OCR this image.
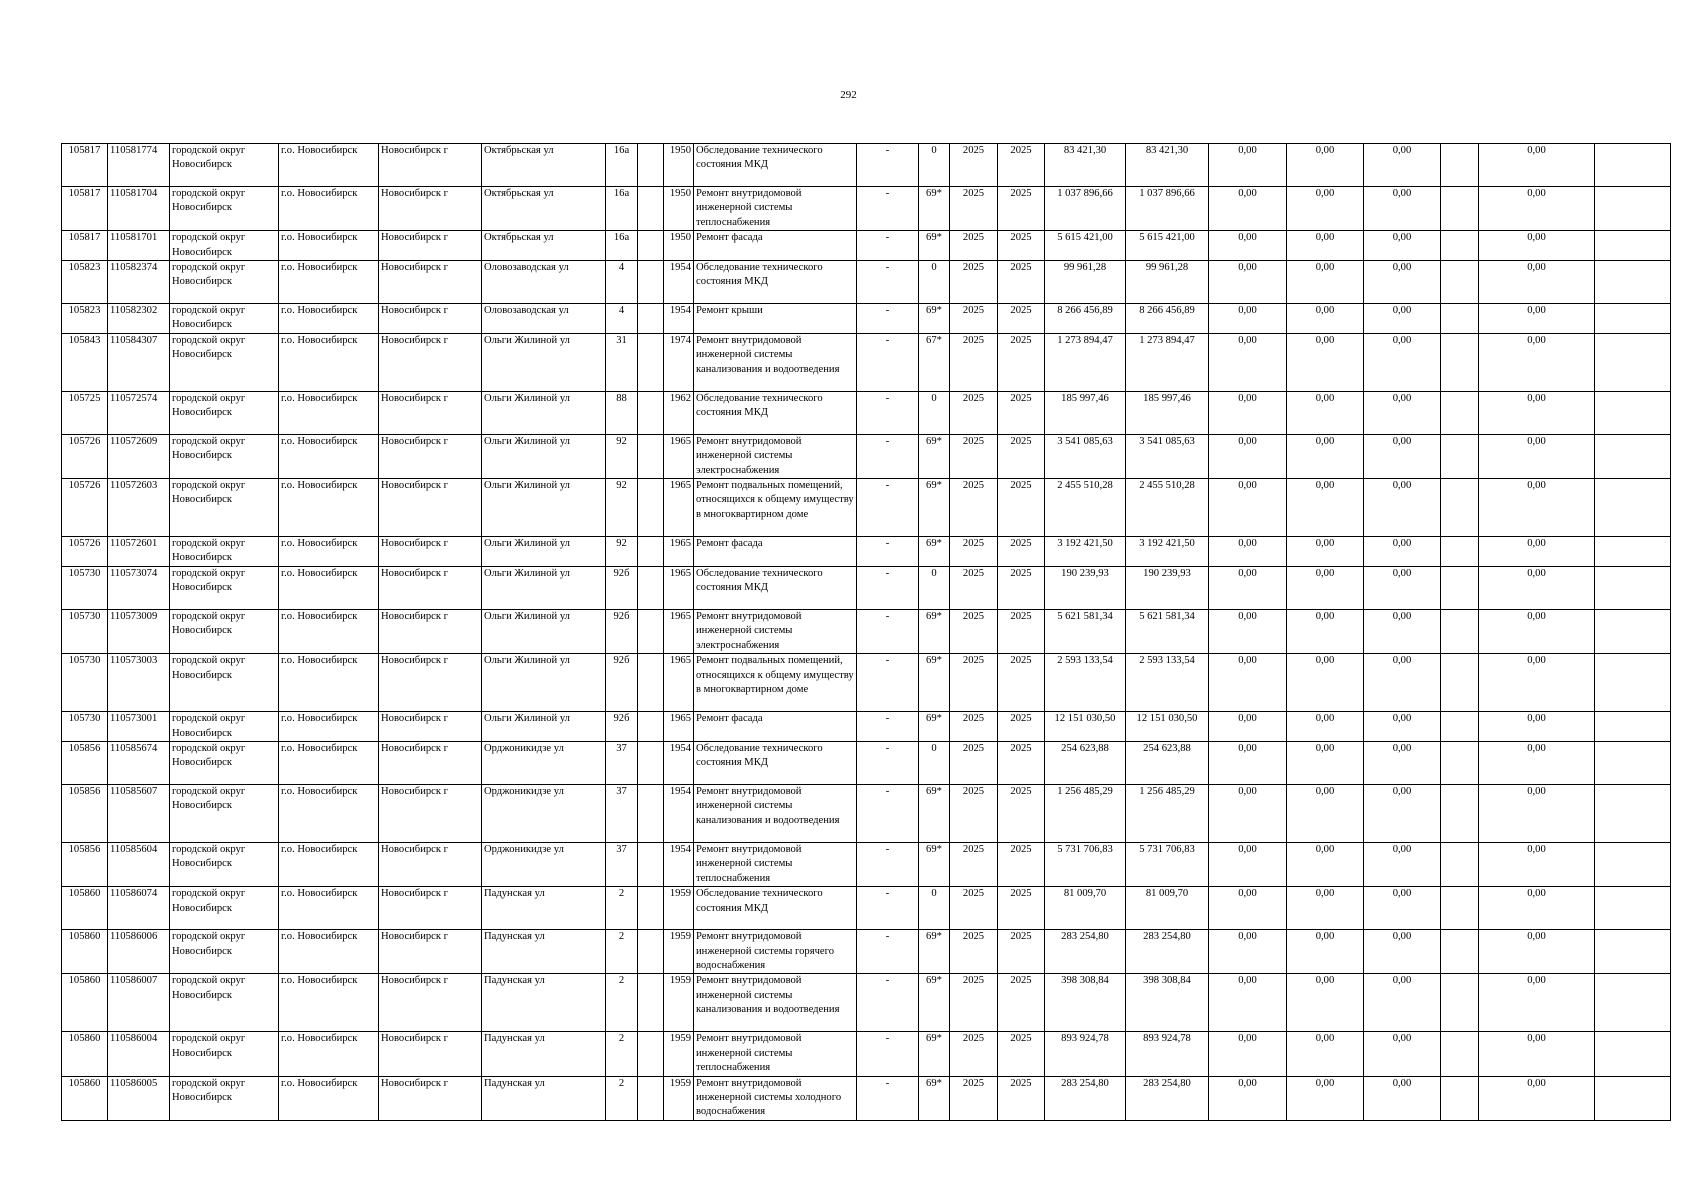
292
105817	110581774	городской округ Новосибирск	г.о. Новосибирск	Новосибирск г	Октябрьская ул	16а		1950	Обследование технического состояния МКД	-	0	2025	2025	83 421,30	83 421,30	0,00	0,00	0,00		0,00	
105817	110581704	городской округ Новосибирск	г.о. Новосибирск	Новосибирск г	Октябрьская ул	16а		1950	Ремонт внутридомовой инженерной системы теплоснабжения	-	69*	2025	2025	1 037 896,66	1 037 896,66	0,00	0,00	0,00		0,00	
105817	110581701	городской округ Новосибирск	г.о. Новосибирск	Новосибирск г	Октябрьская ул	16а		1950	Ремонт фасада	-	69*	2025	2025	5 615 421,00	5 615 421,00	0,00	0,00	0,00		0,00	
105823	110582374	городской округ Новосибирск	г.о. Новосибирск	Новосибирск г	Оловозаводская ул	4		1954	Обследование технического состояния МКД	-	0	2025	2025	99 961,28	99 961,28	0,00	0,00	0,00		0,00	
105823	110582302	городской округ Новосибирск	г.о. Новосибирск	Новосибирск г	Оловозаводская ул	4		1954	Ремонт крыши	-	69*	2025	2025	8 266 456,89	8 266 456,89	0,00	0,00	0,00		0,00	
105843	110584307	городской округ Новосибирск	г.о. Новосибирск	Новосибирск г	Ольги Жилиной ул	31		1974	Ремонт внутридомовой инженерной системы канализования и водоотведения	-	67*	2025	2025	1 273 894,47	1 273 894,47	0,00	0,00	0,00		0,00	
105725	110572574	городской округ Новосибирск	г.о. Новосибирск	Новосибирск г	Ольги Жилиной ул	88		1962	Обследование технического состояния МКД	-	0	2025	2025	185 997,46	185 997,46	0,00	0,00	0,00		0,00	
105726	110572609	городской округ Новосибирск	г.о. Новосибирск	Новосибирск г	Ольги Жилиной ул	92		1965	Ремонт внутридомовой инженерной системы электроснабжения	-	69*	2025	2025	3 541 085,63	3 541 085,63	0,00	0,00	0,00		0,00	
105726	110572603	городской округ Новосибирск	г.о. Новосибирск	Новосибирск г	Ольги Жилиной ул	92		1965	Ремонт подвальных помещений, относящихся к общему имуществу в многоквартирном доме	-	69*	2025	2025	2 455 510,28	2 455 510,28	0,00	0,00	0,00		0,00	
105726	110572601	городской округ Новосибирск	г.о. Новосибирск	Новосибирск г	Ольги Жилиной ул	92		1965	Ремонт фасада	-	69*	2025	2025	3 192 421,50	3 192 421,50	0,00	0,00	0,00		0,00	
105730	110573074	городской округ Новосибирск	г.о. Новосибирск	Новосибирск г	Ольги Жилиной ул	92б		1965	Обследование технического состояния МКД	-	0	2025	2025	190 239,93	190 239,93	0,00	0,00	0,00		0,00	
105730	110573009	городской округ Новосибирск	г.о. Новосибирск	Новосибирск г	Ольги Жилиной ул	92б		1965	Ремонт внутридомовой инженерной системы электроснабжения	-	69*	2025	2025	5 621 581,34	5 621 581,34	0,00	0,00	0,00		0,00	
105730	110573003	городской округ Новосибирск	г.о. Новосибирск	Новосибирск г	Ольги Жилиной ул	92б		1965	Ремонт подвальных помещений, относящихся к общему имуществу в многоквартирном доме	-	69*	2025	2025	2 593 133,54	2 593 133,54	0,00	0,00	0,00		0,00	
105730	110573001	городской округ Новосибирск	г.о. Новосибирск	Новосибирск г	Ольги Жилиной ул	92б		1965	Ремонт фасада	-	69*	2025	2025	12 151 030,50	12 151 030,50	0,00	0,00	0,00		0,00	
105856	110585674	городской округ Новосибирск	г.о. Новосибирск	Новосибирск г	Орджоникидзе ул	37		1954	Обследование технического состояния МКД	-	0	2025	2025	254 623,88	254 623,88	0,00	0,00	0,00		0,00	
105856	110585607	городской округ Новосибирск	г.о. Новосибирск	Новосибирск г	Орджоникидзе ул	37		1954	Ремонт внутридомовой инженерной системы канализования и водоотведения	-	69*	2025	2025	1 256 485,29	1 256 485,29	0,00	0,00	0,00		0,00	
105856	110585604	городской округ Новосибирск	г.о. Новосибирск	Новосибирск г	Орджоникидзе ул	37		1954	Ремонт внутридомовой инженерной системы теплоснабжения	-	69*	2025	2025	5 731 706,83	5 731 706,83	0,00	0,00	0,00		0,00	
105860	110586074	городской округ Новосибирск	г.о. Новосибирск	Новосибирск г	Падунская ул	2		1959	Обследование технического состояния МКД	-	0	2025	2025	81 009,70	81 009,70	0,00	0,00	0,00		0,00	
105860	110586006	городской округ Новосибирск	г.о. Новосибирск	Новосибирск г	Падунская ул	2		1959	Ремонт внутридомовой инженерной системы горячего водоснабжения	-	69*	2025	2025	283 254,80	283 254,80	0,00	0,00	0,00		0,00	
105860	110586007	городской округ Новосибирск	г.о. Новосибирск	Новосибирск г	Падунская ул	2		1959	Ремонт внутридомовой инженерной системы канализования и водоотведения	-	69*	2025	2025	398 308,84	398 308,84	0,00	0,00	0,00		0,00	
105860	110586004	городской округ Новосибирск	г.о. Новосибирск	Новосибирск г	Падунская ул	2		1959	Ремонт внутридомовой инженерной системы теплоснабжения	-	69*	2025	2025	893 924,78	893 924,78	0,00	0,00	0,00		0,00	
105860	110586005	городской округ Новосибирск	г.о. Новосибирск	Новосибирск г	Падунская ул	2		1959	Ремонт внутридомовой инженерной системы холодного водоснабжения	-	69*	2025	2025	283 254,80	283 254,80	0,00	0,00	0,00		0,00	
